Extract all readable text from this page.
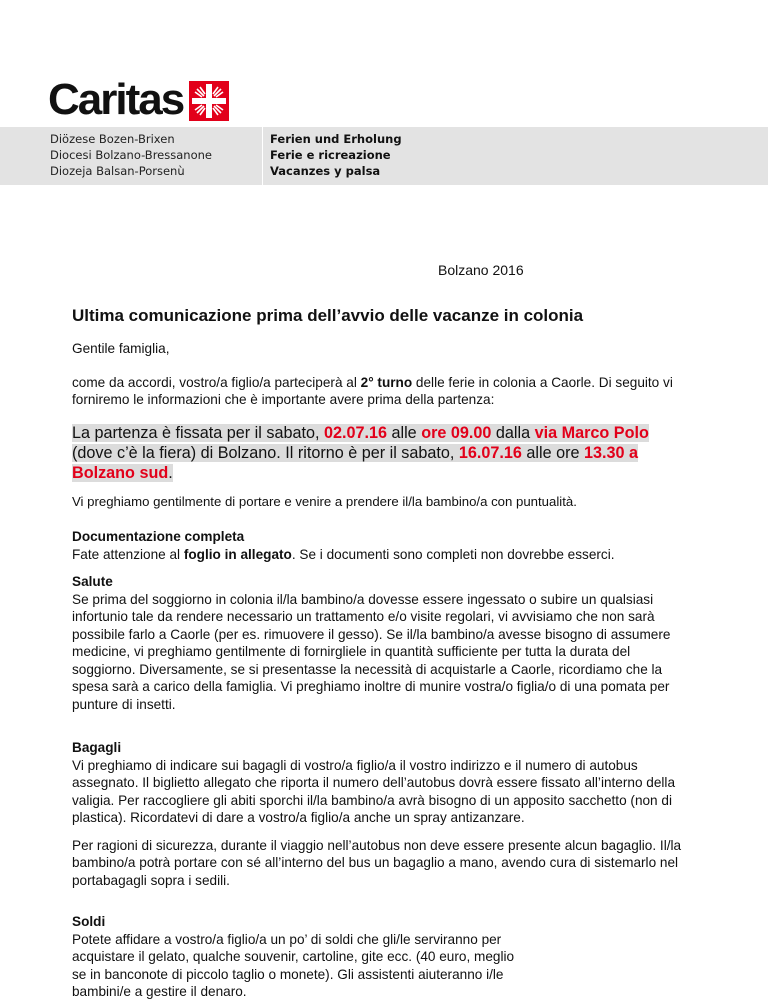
Caritas
Diözese Bozen-Brixen
Diocesi Bolzano-Bressanone
Diozeja Balsan-Porsenù
Ferien und Erholung
Ferie e ricreazione
Vacanzes y palsa
Bolzano 2016
Ultima comunicazione prima dell’avvio delle vacanze in colonia

Gentile famiglia,

come da accordi, vostro/a figlio/a parteciperà al 2° turno delle ferie in colonia a Caorle. Di seguito vi forniremo le informazioni che è importante avere prima della partenza:

La partenza è fissata per il sabato, 02.07.16 alle ore 09.00 dalla via Marco Polo (dove c’è la fiera) di Bolzano. Il ritorno è per il sabato, 16.07.16 alle ore 13.30 a Bolzano sud.

Vi preghiamo gentilmente di portare e venire a prendere il/la bambino/a con puntualità.

Documentazione completa

Fate attenzione al foglio in allegato. Se i documenti sono completi non dovrebbe esserci.

Salute

Se prima del soggiorno in colonia il/la bambino/a dovesse essere ingessato o subire un qualsiasi infortunio tale da rendere necessario un trattamento e/o visite regolari, vi avvisiamo che non sarà possibile farlo a Caorle (per es. rimuovere il gesso). Se il/la bambino/a avesse bisogno di assumere medicine, vi preghiamo gentilmente di fornirgliele in quantità sufficiente per tutta la durata del soggiorno. Diversamente, se si presentasse la necessità di acquistarle a Caorle, ricordiamo che la spesa sarà a carico della famiglia. Vi preghiamo inoltre di munire vostra/o figlia/o di una pomata per punture di insetti.

Bagagli

Vi preghiamo di indicare sui bagagli di vostro/a figlio/a il vostro indirizzo e il numero di autobus assegnato. Il biglietto allegato che riporta il numero dell’autobus dovrà essere fissato all’interno della valigia. Per raccogliere gli abiti sporchi il/la bambino/a avrà bisogno di un apposito sacchetto (non di plastica). Ricordatevi di dare a vostro/a figlio/a anche un spray antizanzare.

Per ragioni di sicurezza, durante il viaggio nell’autobus non deve essere presente alcun bagaglio. Il/la bambino/a potrà portare con sé all’interno del bus un bagaglio a mano, avendo cura di sistemarlo nel portabagagli sopra i sedili.

Soldi

Potete affidare a vostro/a figlio/a un po’ di soldi che gli/le serviranno per acquistare il gelato, qualche souvenir, cartoline, gite ecc. (40 euro, meglio se in banconote di piccolo taglio o monete). Gli assistenti aiuteranno i/le bambini/e a gestire il denaro.
